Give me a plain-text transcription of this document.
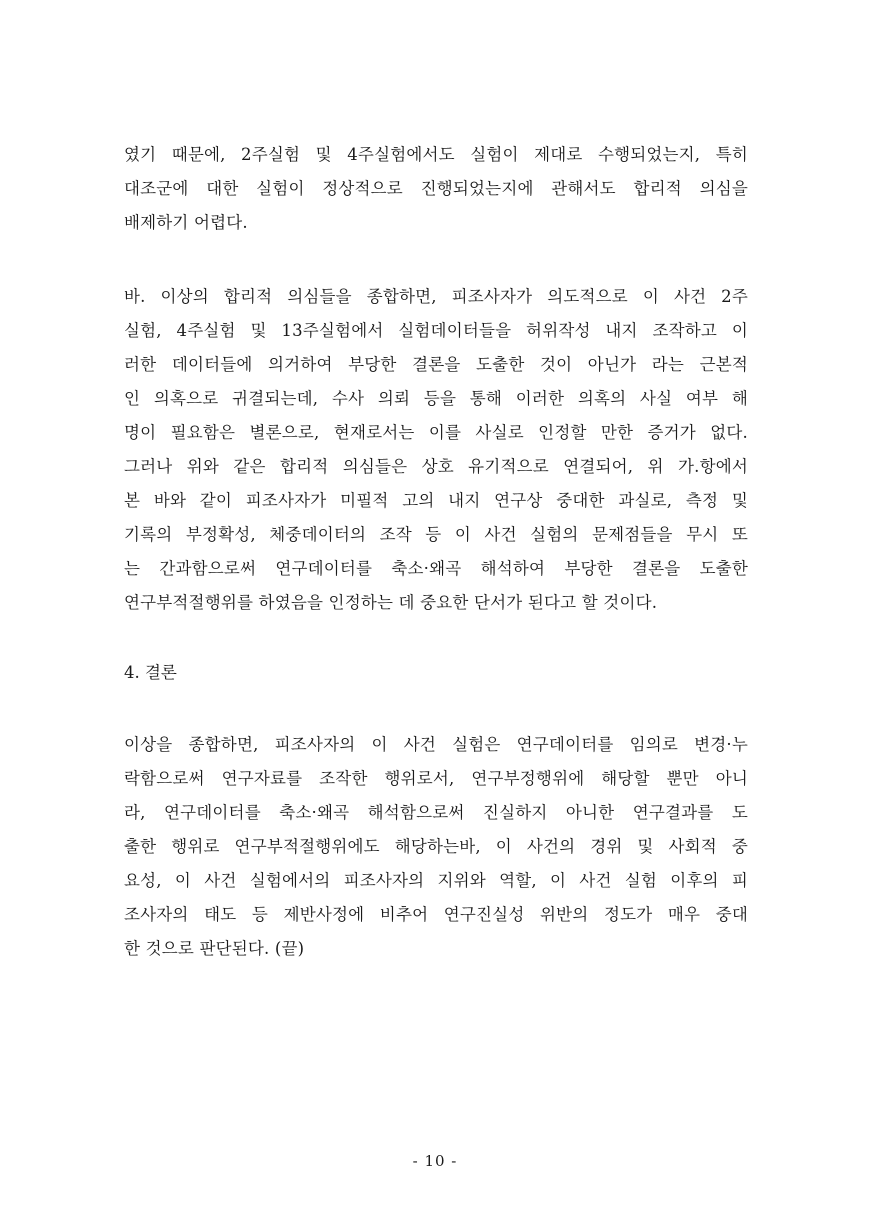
였기 때문에, 2주실험 및 4주실험에서도 실험이 제대로 수행되었는지, 특히
대조군에 대한 실험이 정상적으로 진행되었는지에 관해서도 합리적 의심을
배제하기 어렵다.
바. 이상의 합리적 의심들을 종합하면, 피조사자가 의도적으로 이 사건 2주
실험, 4주실험 및 13주실험에서 실험데이터들을 허위작성 내지 조작하고 이
러한 데이터들에 의거하여 부당한 결론을 도출한 것이 아닌가 라는 근본적
인 의혹으로 귀결되는데, 수사 의뢰 등을 통해 이러한 의혹의 사실 여부 해
명이 필요함은 별론으로, 현재로서는 이를 사실로 인정할 만한 증거가 없다.
그러나 위와 같은 합리적 의심들은 상호 유기적으로 연결되어, 위 가.항에서
본 바와 같이 피조사자가 미필적 고의 내지 연구상 중대한 과실로, 측정 및
기록의 부정확성, 체중데이터의 조작 등 이 사건 실험의 문제점들을 무시 또
는 간과함으로써 연구데이터를 축소·왜곡 해석하여 부당한 결론을 도출한
연구부적절행위를 하였음을 인정하는 데 중요한 단서가 된다고 할 것이다.
4. 결론
이상을 종합하면, 피조사자의 이 사건 실험은 연구데이터를 임의로 변경·누
락함으로써 연구자료를 조작한 행위로서, 연구부정행위에 해당할 뿐만 아니
라, 연구데이터를 축소·왜곡 해석함으로써 진실하지 아니한 연구결과를 도
출한 행위로 연구부적절행위에도 해당하는바, 이 사건의 경위 및 사회적 중
요성, 이 사건 실험에서의 피조사자의 지위와 역할, 이 사건 실험 이후의 피
조사자의 태도 등 제반사정에 비추어 연구진실성 위반의 정도가 매우 중대
한 것으로 판단된다. (끝)
- 10 -
